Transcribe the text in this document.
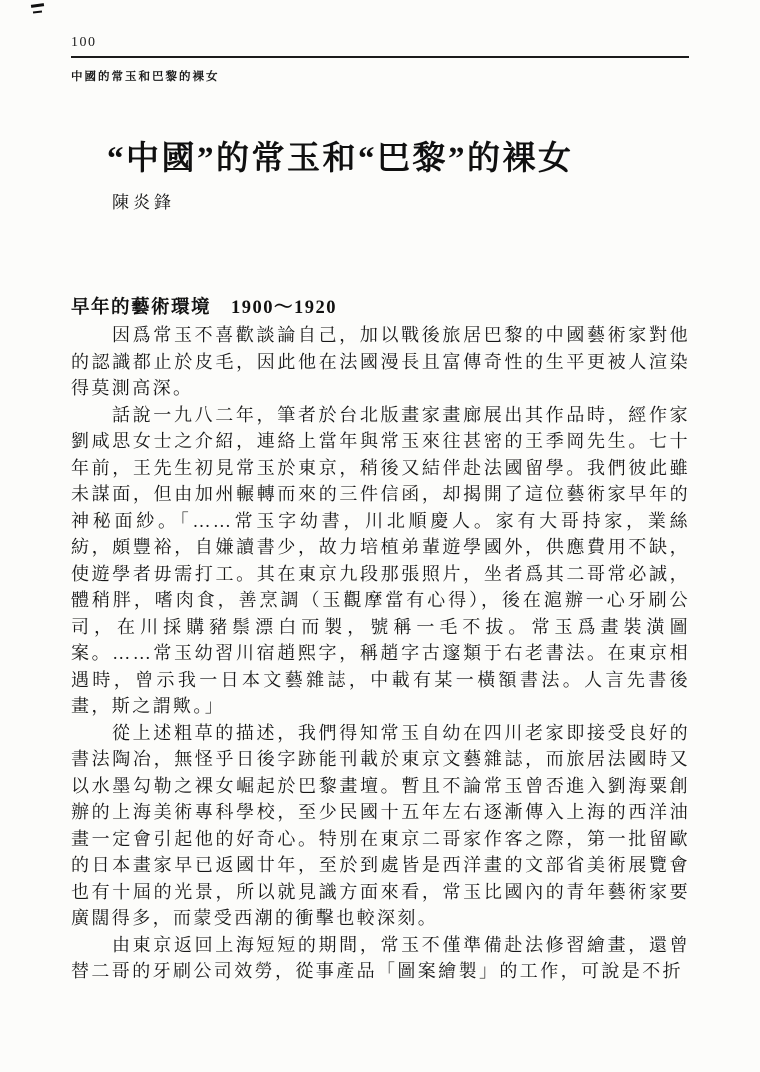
100
中國的常玉和巴黎的裸女
“中國”的常玉和“巴黎”的裸女
陳炎鋒
早年的藝術環境　1900～1920

因爲常玉不喜歡談論自己，加以戰後旅居巴黎的中國藝術家對他的認識都止於皮毛，因此他在法國漫長且富傳奇性的生平更被人渲染得莫測高深。

話說一九八二年，筆者於台北版畫家畫廊展出其作品時，經作家劉咸思女士之介紹，連絡上當年與常玉來往甚密的王季岡先生。七十年前，王先生初見常玉於東京，稍後又結伴赴法國留學。我們彼此雖未謀面，但由加州輾轉而來的三件信函，却揭開了這位藝術家早年的神秘面紗。「……常玉字幼書，川北順慶人。家有大哥持家，業絲紡，頗豐裕，自嫌讀書少，故力培植弟輩遊學國外，供應費用不缺，使遊學者毋需打工。其在東京九段那張照片，坐者爲其二哥常必誠，體稍胖，嗜肉食，善烹調（玉觀摩當有心得），後在滬辦一心牙刷公司，在川採購豬鬃漂白而製，號稱一毛不拔。常玉爲畫裝潢圖案。……常玉幼習川宿趙熙字，稱趙字古邃類于右老書法。在東京相遇時，曾示我一日本文藝雜誌，中載有某一橫額書法。人言先書後畫，斯之謂歟。」

從上述粗草的描述，我們得知常玉自幼在四川老家即接受良好的書法陶冶，無怪乎日後字跡能刊載於東京文藝雜誌，而旅居法國時又以水墨勾勒之裸女崛起於巴黎畫壇。暫且不論常玉曾否進入劉海粟創辦的上海美術專科學校，至少民國十五年左右逐漸傳入上海的西洋油畫一定會引起他的好奇心。特別在東京二哥家作客之際，第一批留歐的日本畫家早已返國廿年，至於到處皆是西洋畫的文部省美術展覽會也有十屆的光景，所以就見識方面來看，常玉比國內的青年藝術家要廣闊得多，而蒙受西潮的衝擊也較深刻。

由東京返回上海短短的期間，常玉不僅準備赴法修習繪畫，還曾替二哥的牙刷公司效勞，從事產品「圖案繪製」的工作，可說是不折
